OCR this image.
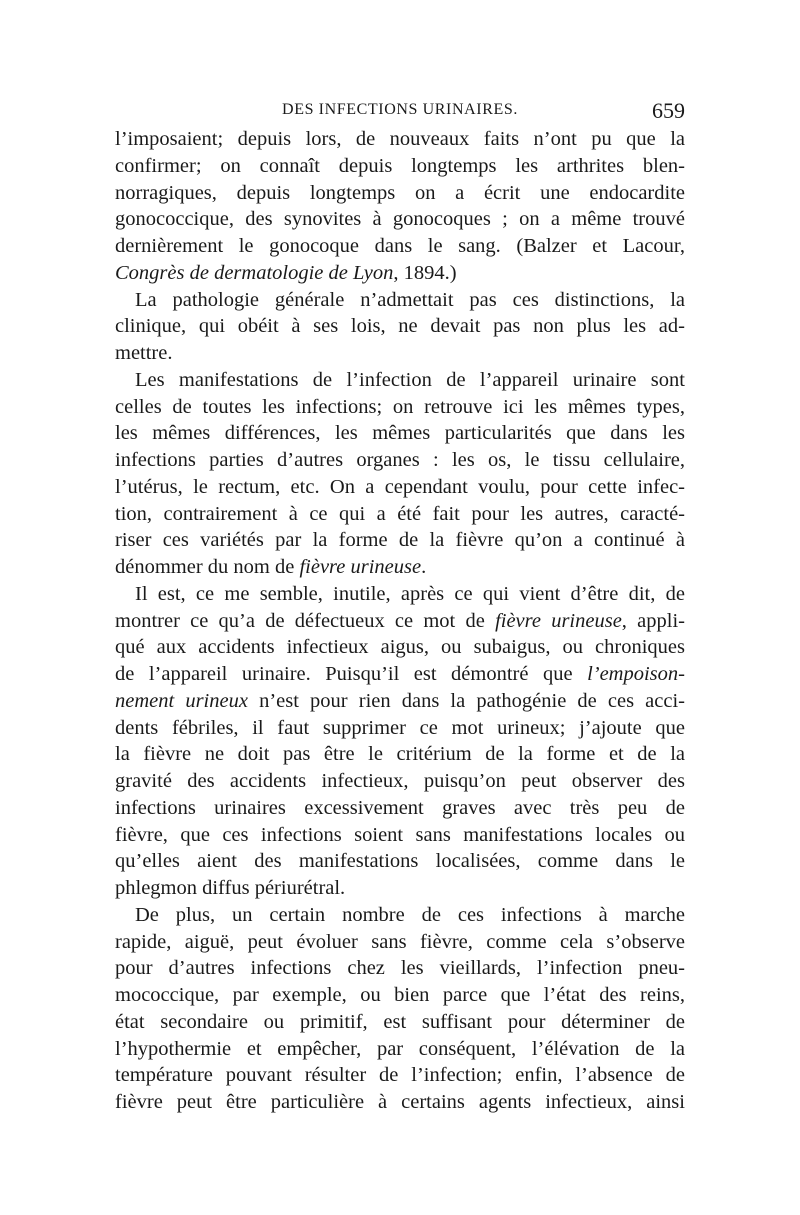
DES INFECTIONS URINAIRES.	659
l’imposaient; depuis lors, de nouveaux faits n’ont pu que la
confirmer; on connaît depuis longtemps les arthrites blen-
norragiques, depuis longtemps on a écrit une endocardite
gonococcique, des synovites à gonocoques ; on a même trouvé
dernièrement le gonocoque dans le sang. (Balzer et Lacour,
Congrès de dermatologie de Lyon, 1894.)
La pathologie générale n’admettait pas ces distinctions, la
clinique, qui obéit à ses lois, ne devait pas non plus les ad-
mettre.
Les manifestations de l’infection de l’appareil urinaire sont
celles de toutes les infections; on retrouve ici les mêmes types,
les mêmes différences, les mêmes particularités que dans les
infections parties d’autres organes : les os, le tissu cellulaire,
l’utérus, le rectum, etc. On a cependant voulu, pour cette infec-
tion, contrairement à ce qui a été fait pour les autres, caracté-
riser ces variétés par la forme de la fièvre qu’on a continué à
dénommer du nom de fièvre urineuse.
Il est, ce me semble, inutile, après ce qui vient d’être dit, de
montrer ce qu’a de défectueux ce mot de fièvre urineuse, appli-
qué aux accidents infectieux aigus, ou subaigus, ou chroniques
de l’appareil urinaire. Puisqu’il est démontré que l’empoison-
nement urineux n’est pour rien dans la pathogénie de ces acci-
dents fébriles, il faut supprimer ce mot urineux; j’ajoute que
la fièvre ne doit pas être le critérium de la forme et de la
gravité des accidents infectieux, puisqu’on peut observer des
infections urinaires excessivement graves avec très peu de
fièvre, que ces infections soient sans manifestations locales ou
qu’elles aient des manifestations localisées, comme dans le
phlegmon diffus périurétral.
De plus, un certain nombre de ces infections à marche
rapide, aiguë, peut évoluer sans fièvre, comme cela s’observe
pour d’autres infections chez les vieillards, l’infection pneu-
mococcique, par exemple, ou bien parce que l’état des reins,
état secondaire ou primitif, est suffisant pour déterminer de
l’hypothermie et empêcher, par conséquent, l’élévation de la
température pouvant résulter de l’infection; enfin, l’absence de
fièvre peut être particulière à certains agents infectieux, ainsi
